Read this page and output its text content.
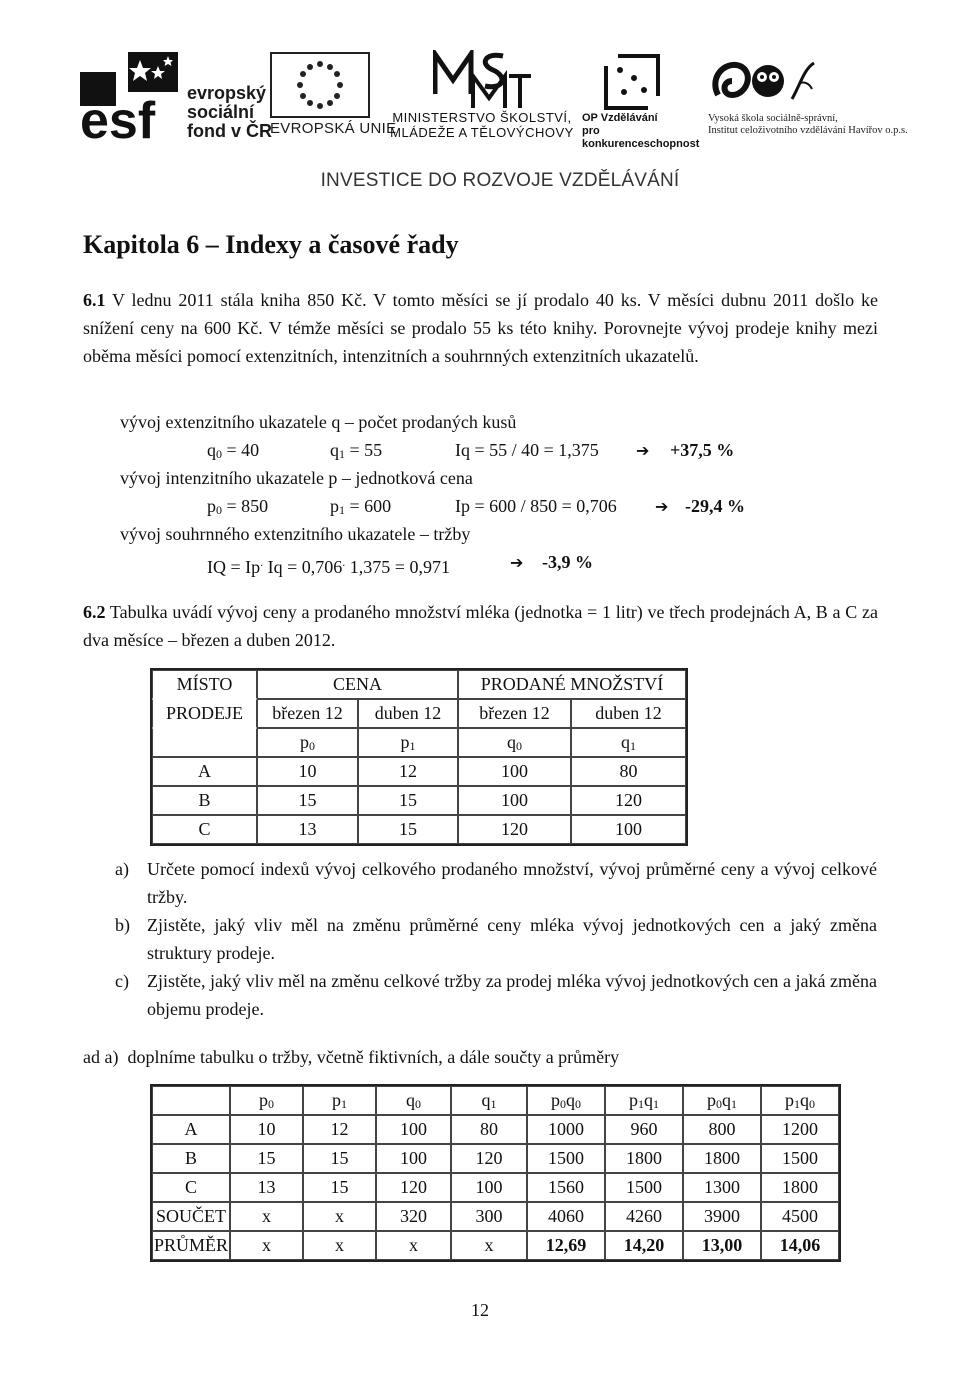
esf evropský
sociální
fond v ČR
EVROPSKÁ UNIE
MINISTERSTVO ŠKOLSTVÍ,
MLÁDEŽE A TĚLOVÝCHOVY
OP Vzdělávání
pro konkurenceschopnost
Vysoká škola sociálně-správní,
Institut celoživotního vzdělávání Havířov o.p.s.
INVESTICE DO ROZVOJE VZDĚLÁVÁNÍ
Kapitola 6 – Indexy a časové řady
6.1 V lednu 2011 stála kniha 850 Kč. V tomto měsíci se jí prodalo 40 ks. V měsíci dubnu 2011 došlo ke snížení ceny na 600 Kč. V témže měsíci se prodalo 55 ks této knihy. Porovnejte vývoj prodeje knihy mezi oběma měsíci pomocí extenzitních, intenzitních a souhrnných extenzitních ukazatelů.
vývoj extenzitního ukazatele q – počet prodaných kusů
$q_0 = 40$	$q_1 = 55$	Iq = 55 / 40 = 1,375 ➔ +37,5 %
vývoj intenzitního ukazatele p – jednotková cena
$p_0 = 850$	$p_1 = 600$	Ip = 600 / 850 = 0,706 ➔ -29,4 %
vývoj souhrnného extenzitního ukazatele – tržby
IQ = Ip. Iq = 0,706. 1,375 = 0,971	➔ -3,9 %
6.2 Tabulka uvádí vývoj ceny a prodaného množství mléka (jednotka = 1 litr) ve třech prodejnách A, B a C za dva měsíce – březen a duben 2012.
MÍSTO	CENA		PRODANÉ MNOŽSTVÍ	
PRODEJE	březen 12	duben 12	březen 12	duben 12
	$p_0$	$p_1$	$q_0$	$q_1$
A	10	12	100	80
B	15	15	100	120
C	13	15	120	100
a) Určete pomocí indexů vývoj celkového prodaného množství, vývoj průměrné ceny a vývoj celkové tržby.
b) Zjistěte, jaký vliv měl na změnu průměrné ceny mléka vývoj jednotkových cen a jaký změna struktury prodeje.
c) Zjistěte, jaký vliv měl na změnu celkové tržby za prodej mléka vývoj jednotkových cen a jaká změna objemu prodeje.
ad a)  doplníme tabulku o tržby, včetně fiktivních, a dále součty a průměry
	$p_0$	$p_1$	$q_0$	$q_1$	$p_0q_0$	$p_1q_1$	$p_0q_1$	$p_1q_0$
A	10	12	100	80	1000	960	800	1200
B	15	15	100	120	1500	1800	1800	1500
C	13	15	120	100	1560	1500	1300	1800
SOUČET	x	x	320	300	4060	4260	3900	4500
PRŮMĚR	x	x	x	x	12,69	14,20	13,00	14,06
12
